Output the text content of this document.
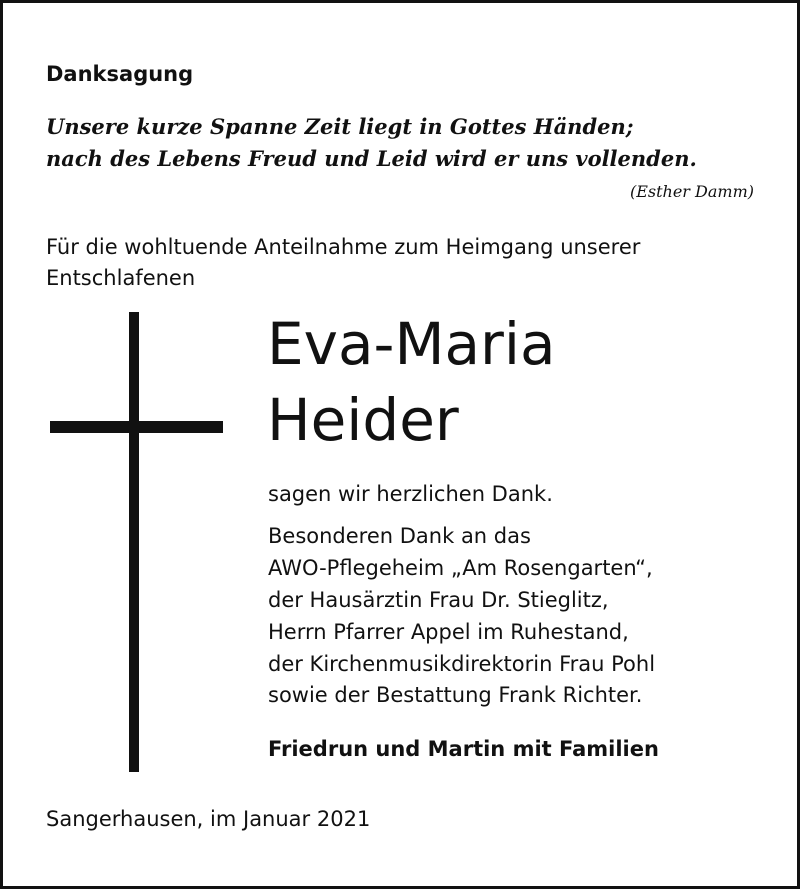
Danksagung
Unsere kurze Spanne Zeit liegt in Gottes Händen;
nach des Lebens Freud und Leid wird er uns vollenden.
(Esther Damm)
Für die wohltuende Anteilnahme zum Heimgang unserer
Entschlafenen
Eva-Maria
Heider
sagen wir herzlichen Dank.
Besonderen Dank an das
AWO-Pflegeheim „Am Rosengarten“,
der Hausärztin Frau Dr. Stieglitz,
Herrn Pfarrer Appel im Ruhestand,
der Kirchenmusikdirektorin Frau Pohl
sowie der Bestattung Frank Richter.
Friedrun und Martin mit Familien
Sangerhausen, im Januar 2021
